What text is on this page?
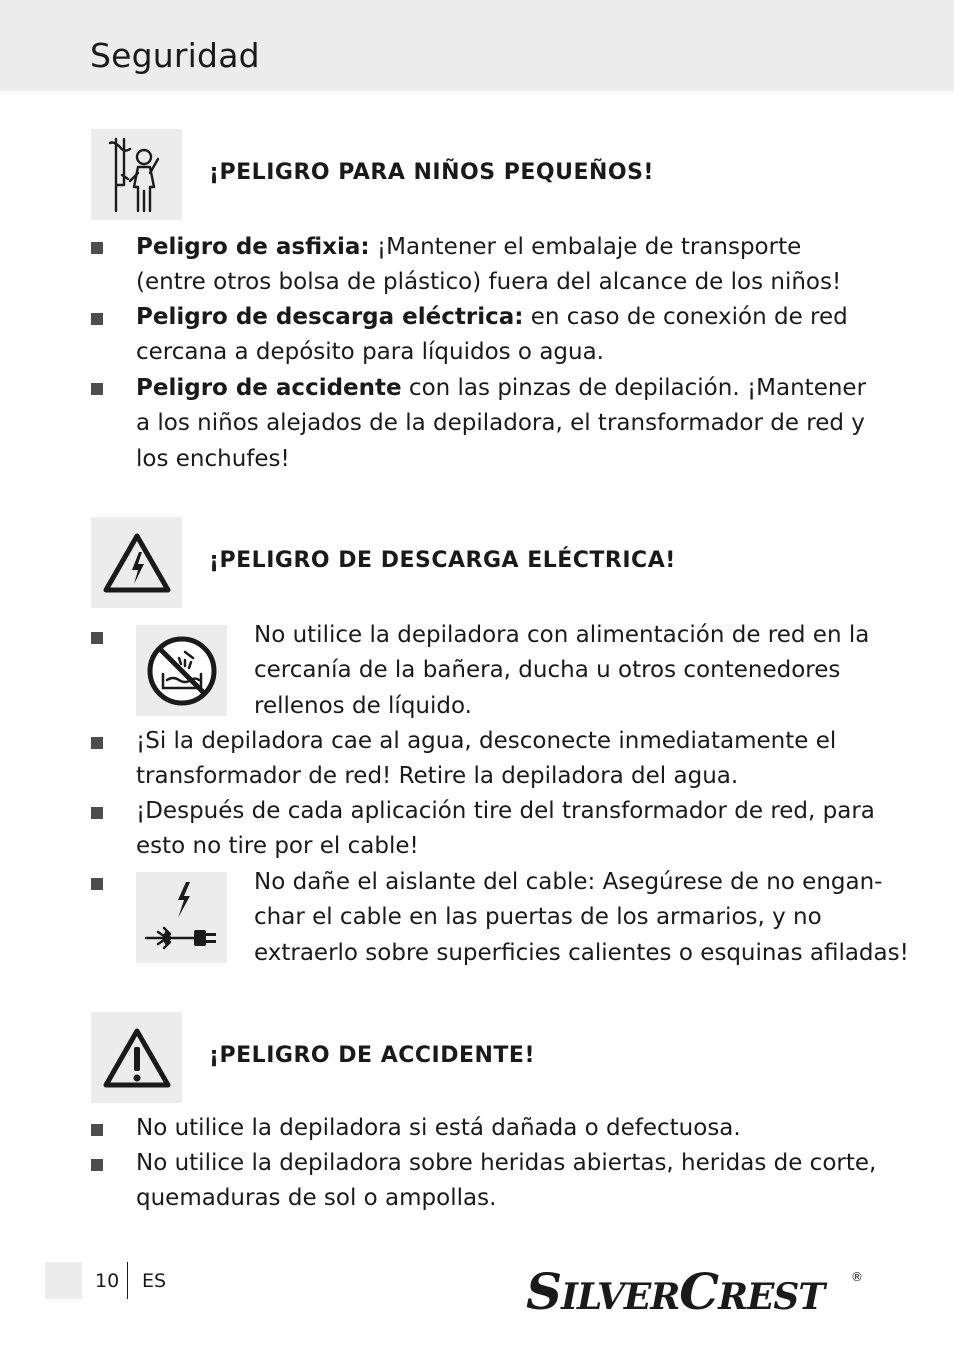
Seguridad
¡PELIGRO PARA NIÑOS PEQUEÑOS!

Peligro de asfixia: ¡Mantener el embalaje de transporte
(entre otros bolsa de plástico) fuera del alcance de los niños!

Peligro de descarga eléctrica: en caso de conexión de red
cercana a depósito para líquidos o agua.

Peligro de accidente con las pinzas de depilación. ¡Mantener
a los niños alejados de la depiladora, el transformador de red y
los enchufes!

¡PELIGRO DE DESCARGA ELÉCTRICA!

No utilice la depiladora con alimentación de red en la
cercanía de la bañera, ducha u otros contenedores
rellenos de líquido.

¡Si la depiladora cae al agua, desconecte inmediatamente el
transformador de red! Retire la depiladora del agua.

¡Después de cada aplicación tire del transformador de red, para
esto no tire por el cable!

No dañe el aislante del cable: Asegúrese de no engan-
char el cable en las puertas de los armarios, y no
extraerlo sobre superficies calientes o esquinas afiladas!

¡PELIGRO DE ACCIDENTE!

No utilice la depiladora si está dañada o defectuosa.

No utilice la depiladora sobre heridas abiertas, heridas de corte,
quemaduras de sol o ampollas.

10 ES	SILVERCREST ®
